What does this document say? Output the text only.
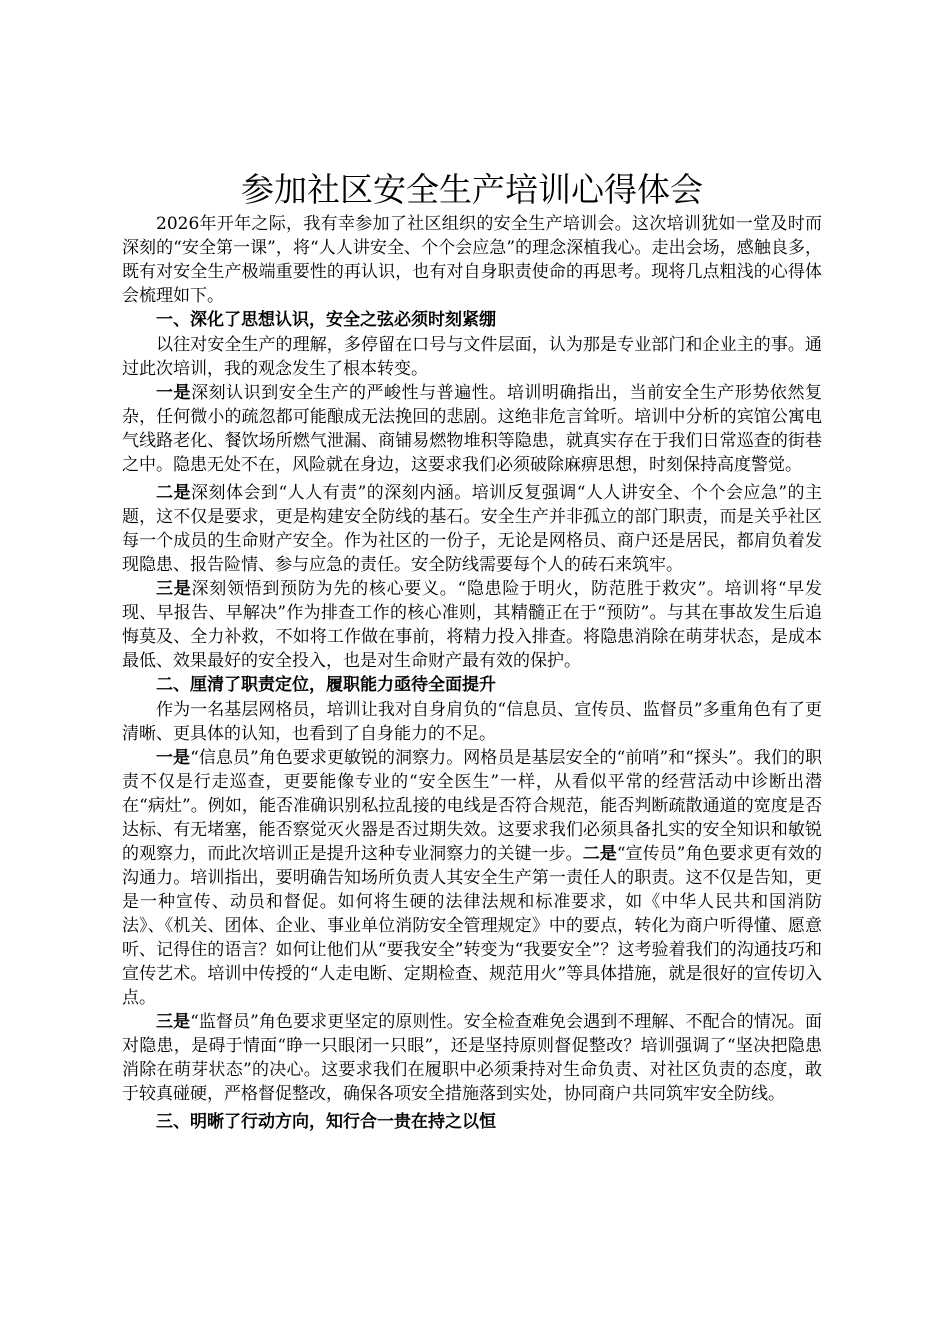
参加社区安全生产培训心得体会

2026年开年之际，我有幸参加了社区组织的安全生产培训会。这次培训犹如一堂及时而深刻的“安全第一课”，将“人人讲安全、个个会应急”的理念深植我心。走出会场，感触良多，既有对安全生产极端重要性的再认识，也有对自身职责使命的再思考。现将几点粗浅的心得体会梳理如下。

一、深化了思想认识，安全之弦必须时刻紧绷

以往对安全生产的理解，多停留在口号与文件层面，认为那是专业部门和企业主的事。通过此次培训，我的观念发生了根本转变。

一是深刻认识到安全生产的严峻性与普遍性。培训明确指出，当前安全生产形势依然复杂，任何微小的疏忽都可能酿成无法挽回的悲剧。这绝非危言耸听。培训中分析的宾馆公寓电气线路老化、餐饮场所燃气泄漏、商铺易燃物堆积等隐患，就真实存在于我们日常巡查的街巷之中。隐患无处不在，风险就在身边，这要求我们必须破除麻痹思想，时刻保持高度警觉。

二是深刻体会到“人人有责”的深刻内涵。培训反复强调“人人讲安全、个个会应急”的主题，这不仅是要求，更是构建安全防线的基石。安全生产并非孤立的部门职责，而是关乎社区每一个成员的生命财产安全。作为社区的一份子，无论是网格员、商户还是居民，都肩负着发现隐患、报告险情、参与应急的责任。安全防线需要每个人的砖石来筑牢。

三是深刻领悟到预防为先的核心要义。“隐患险于明火，防范胜于救灾”。培训将“早发现、早报告、早解决”作为排查工作的核心准则，其精髓正在于“预防”。与其在事故发生后追悔莫及、全力补救，不如将工作做在事前，将精力投入排查。将隐患消除在萌芽状态，是成本最低、效果最好的安全投入，也是对生命财产最有效的保护。

二、厘清了职责定位，履职能力亟待全面提升

作为一名基层网格员，培训让我对自身肩负的“信息员、宣传员、监督员”多重角色有了更清晰、更具体的认知，也看到了自身能力的不足。

一是“信息员”角色要求更敏锐的洞察力。网格员是基层安全的“前哨”和“探头”。我们的职责不仅是行走巡查，更要能像专业的“安全医生”一样，从看似平常的经营活动中诊断出潜在“病灶”。例如，能否准确识别私拉乱接的电线是否符合规范，能否判断疏散通道的宽度是否达标、有无堵塞，能否察觉灭火器是否过期失效。这要求我们必须具备扎实的安全知识和敏锐的观察力，而此次培训正是提升这种专业洞察力的关键一步。二是“宣传员”角色要求更有效的沟通力。培训指出，要明确告知场所负责人其安全生产第一责任人的职责。这不仅是告知，更是一种宣传、动员和督促。如何将生硬的法律法规和标准要求，如《中华人民共和国消防法》、《机关、团体、企业、事业单位消防安全管理规定》中的要点，转化为商户听得懂、愿意听、记得住的语言？如何让他们从“要我安全”转变为“我要安全”？这考验着我们的沟通技巧和宣传艺术。培训中传授的“人走电断、定期检查、规范用火”等具体措施，就是很好的宣传切入点。

三是“监督员”角色要求更坚定的原则性。安全检查难免会遇到不理解、不配合的情况。面对隐患，是碍于情面“睁一只眼闭一只眼”，还是坚持原则督促整改？培训强调了“坚决把隐患消除在萌芽状态”的决心。这要求我们在履职中必须秉持对生命负责、对社区负责的态度，敢于较真碰硬，严格督促整改，确保各项安全措施落到实处，协同商户共同筑牢安全防线。

三、明晰了行动方向，知行合一贵在持之以恒
